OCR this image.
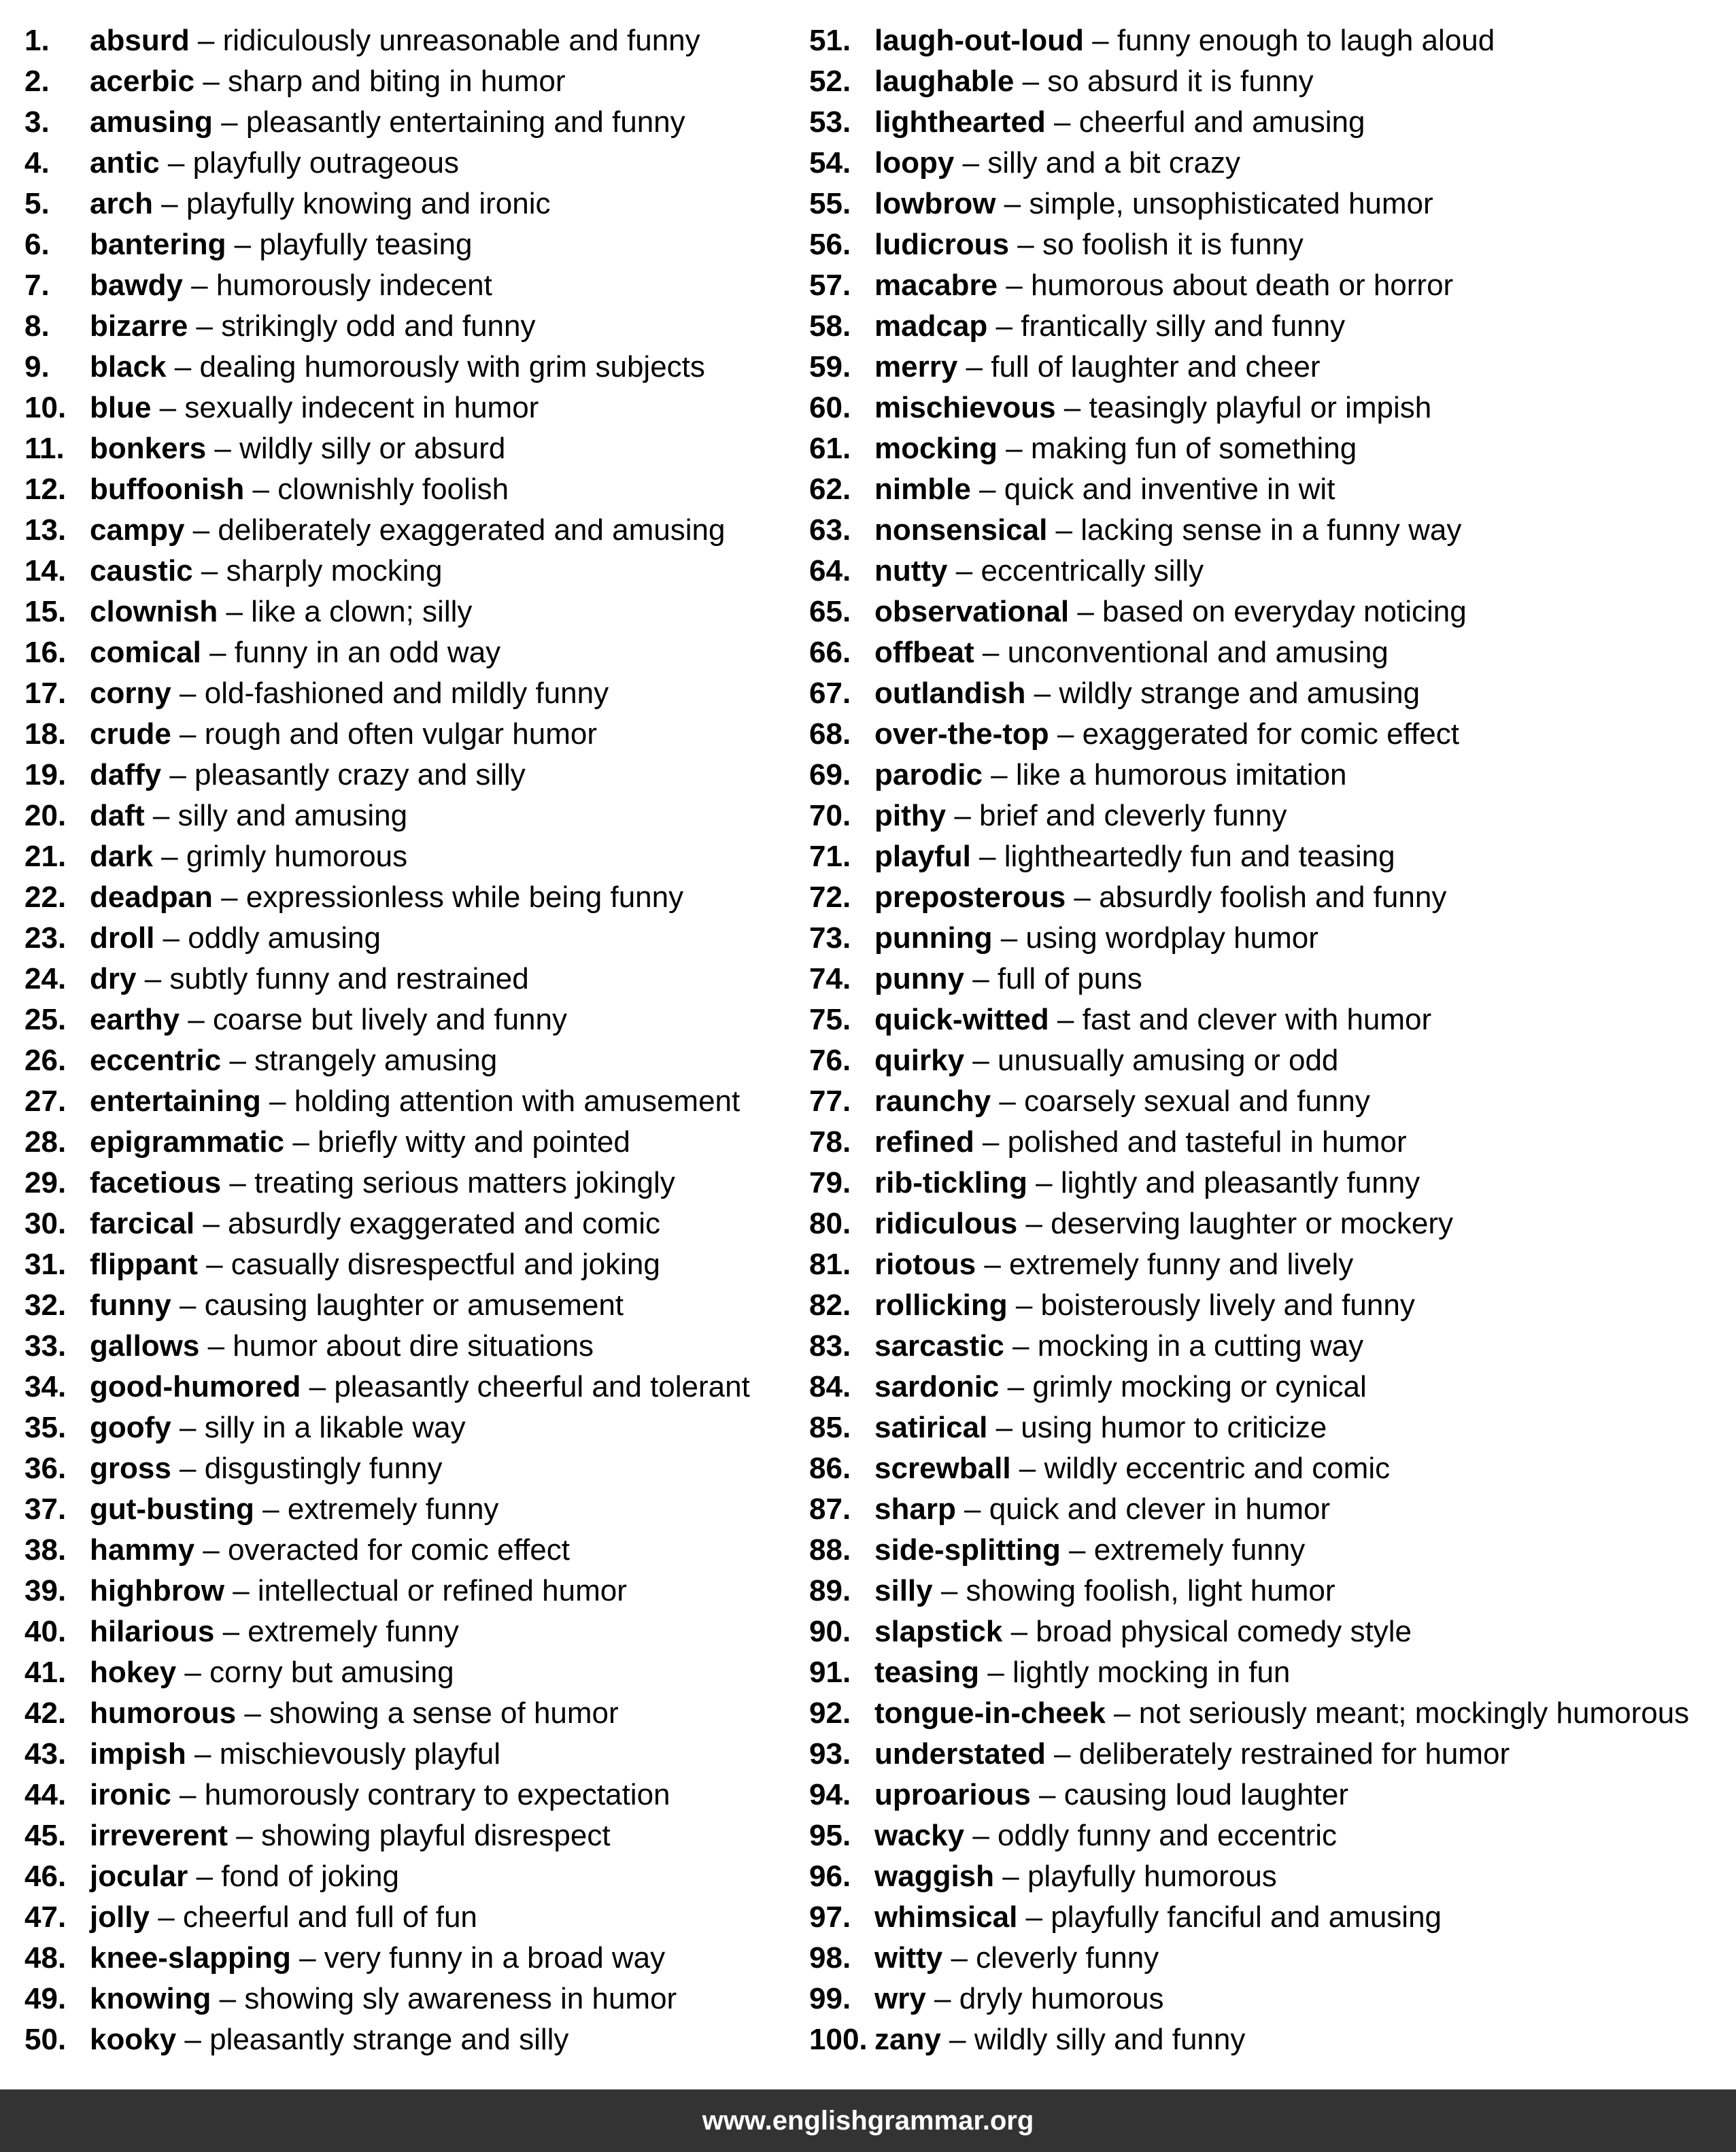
1. absurd – ridiculously unreasonable and funny
2. acerbic – sharp and biting in humor
3. amusing – pleasantly entertaining and funny
4. antic – playfully outrageous
5. arch – playfully knowing and ironic
6. bantering – playfully teasing
7. bawdy – humorously indecent
8. bizarre – strikingly odd and funny
9. black – dealing humorously with grim subjects
10. blue – sexually indecent in humor
11. bonkers – wildly silly or absurd
12. buffoonish – clownishly foolish
13. campy – deliberately exaggerated and amusing
14. caustic – sharply mocking
15. clownish – like a clown; silly
16. comical – funny in an odd way
17. corny – old-fashioned and mildly funny
18. crude – rough and often vulgar humor
19. daffy – pleasantly crazy and silly
20. daft – silly and amusing
21. dark – grimly humorous
22. deadpan – expressionless while being funny
23. droll – oddly amusing
24. dry – subtly funny and restrained
25. earthy – coarse but lively and funny
26. eccentric – strangely amusing
27. entertaining – holding attention with amusement
28. epigrammatic – briefly witty and pointed
29. facetious – treating serious matters jokingly
30. farcical – absurdly exaggerated and comic
31. flippant – casually disrespectful and joking
32. funny – causing laughter or amusement
33. gallows – humor about dire situations
34. good-humored – pleasantly cheerful and tolerant
35. goofy – silly in a likable way
36. gross – disgustingly funny
37. gut-busting – extremely funny
38. hammy – overacted for comic effect
39. highbrow – intellectual or refined humor
40. hilarious – extremely funny
41. hokey – corny but amusing
42. humorous – showing a sense of humor
43. impish – mischievously playful
44. ironic – humorously contrary to expectation
45. irreverent – showing playful disrespect
46. jocular – fond of joking
47. jolly – cheerful and full of fun
48. knee-slapping – very funny in a broad way
49. knowing – showing sly awareness in humor
50. kooky – pleasantly strange and silly
51. laugh-out-loud – funny enough to laugh aloud
52. laughable – so absurd it is funny
53. lighthearted – cheerful and amusing
54. loopy – silly and a bit crazy
55. lowbrow – simple, unsophisticated humor
56. ludicrous – so foolish it is funny
57. macabre – humorous about death or horror
58. madcap – frantically silly and funny
59. merry – full of laughter and cheer
60. mischievous – teasingly playful or impish
61. mocking – making fun of something
62. nimble – quick and inventive in wit
63. nonsensical – lacking sense in a funny way
64. nutty – eccentrically silly
65. observational – based on everyday noticing
66. offbeat – unconventional and amusing
67. outlandish – wildly strange and amusing
68. over-the-top – exaggerated for comic effect
69. parodic – like a humorous imitation
70. pithy – brief and cleverly funny
71. playful – lightheartedly fun and teasing
72. preposterous – absurdly foolish and funny
73. punning – using wordplay humor
74. punny – full of puns
75. quick-witted – fast and clever with humor
76. quirky – unusually amusing or odd
77. raunchy – coarsely sexual and funny
78. refined – polished and tasteful in humor
79. rib-tickling – lightly and pleasantly funny
80. ridiculous – deserving laughter or mockery
81. riotous – extremely funny and lively
82. rollicking – boisterously lively and funny
83. sarcastic – mocking in a cutting way
84. sardonic – grimly mocking or cynical
85. satirical – using humor to criticize
86. screwball – wildly eccentric and comic
87. sharp – quick and clever in humor
88. side-splitting – extremely funny
89. silly – showing foolish, light humor
90. slapstick – broad physical comedy style
91. teasing – lightly mocking in fun
92. tongue-in-cheek – not seriously meant; mockingly humorous
93. understated – deliberately restrained for humor
94. uproarious – causing loud laughter
95. wacky – oddly funny and eccentric
96. waggish – playfully humorous
97. whimsical – playfully fanciful and amusing
98. witty – cleverly funny
99. wry – dryly humorous
100. zany – wildly silly and funny
www.englishgrammar.org
